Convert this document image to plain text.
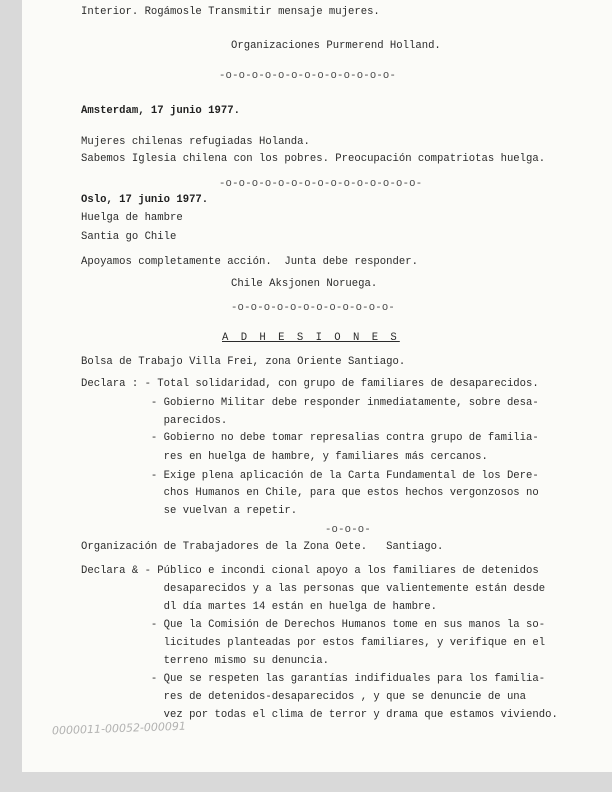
Interior. Rogámosle Transmitir mensaje mujeres.
Organizaciones Purmerend Holland.
-o-o-o-o-o-o-o-o-o-o-o-o-o-
Amsterdam, 17 junio 1977.
Mujeres chilenas refugiadas Holanda.
Sabemos Iglesia chilena con los pobres. Preocupación compatriotas huelga.
-o-o-o-o-o-o-o-o-o-o-o-o-o-o-o-
Oslo, 17 junio 1977.
Huelga de hambre
Santia go Chile
Apoyamos completamente acción.  Junta debe responder.
Chile Aksjonen Noruega.
-o-o-o-o-o-o-o-o-o-o-o-o-
A D H E S I O N E S
Bolsa de Trabajo Villa Frei, zona Oriente Santiago.
Declara : - Total solidaridad, con grupo de familiares de desaparecidos.
- Gobierno Militar debe responder inmediatamente, sobre desa-
parecidos.
- Gobierno no debe tomar represalias contra grupo de familia-
res en huelga de hambre, y familiares más cercanos.
- Exige plena aplicación de la Carta Fundamental de los Dere-
chos Humanos en Chile, para que estos hechos vergonzosos no
se vuelvan a repetir.
-o-o-o-
Organización de Trabajadores de la Zona Oete.   Santiago.
Declara & - Público e incondi cional apoyo a los familiares de detenidos
desaparecidos y a las personas que valientemente están desde
dl día martes 14 están en huelga de hambre.
- Que la Comisión de Derechos Humanos tome en sus manos la so-
licitudes planteadas por estos familiares, y verifique en el
terreno mismo su denuncia.
- Que se respeten las garantías indifiduales para los familia-
res de detenidos-desaparecidos , y que se denuncie de una
vez por todas el clima de terror y drama que estamos viviendo.
0000011-00052-000091
